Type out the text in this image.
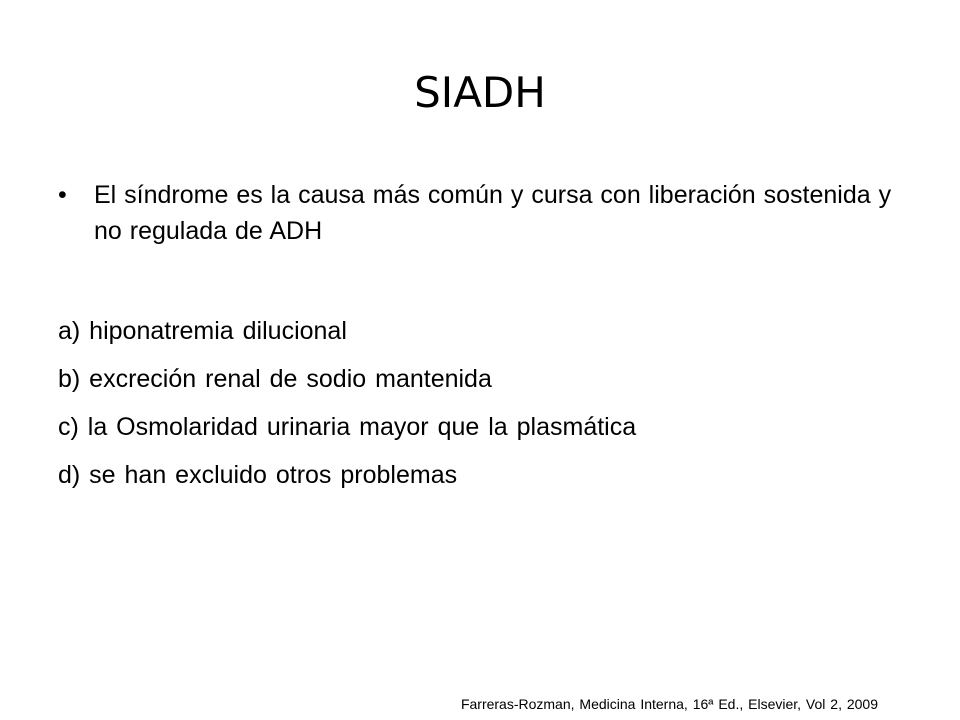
SIADH
•	El síndrome es la causa más común y cursa con liberación sostenida y no regulada de ADH
a) hiponatremia dilucional
b) excreción renal de sodio mantenida
c) la Osmolaridad urinaria mayor que la plasmática
d) se han excluido otros problemas
Farreras-Rozman, Medicina Interna, 16ª Ed., Elsevier, Vol 2, 2009
